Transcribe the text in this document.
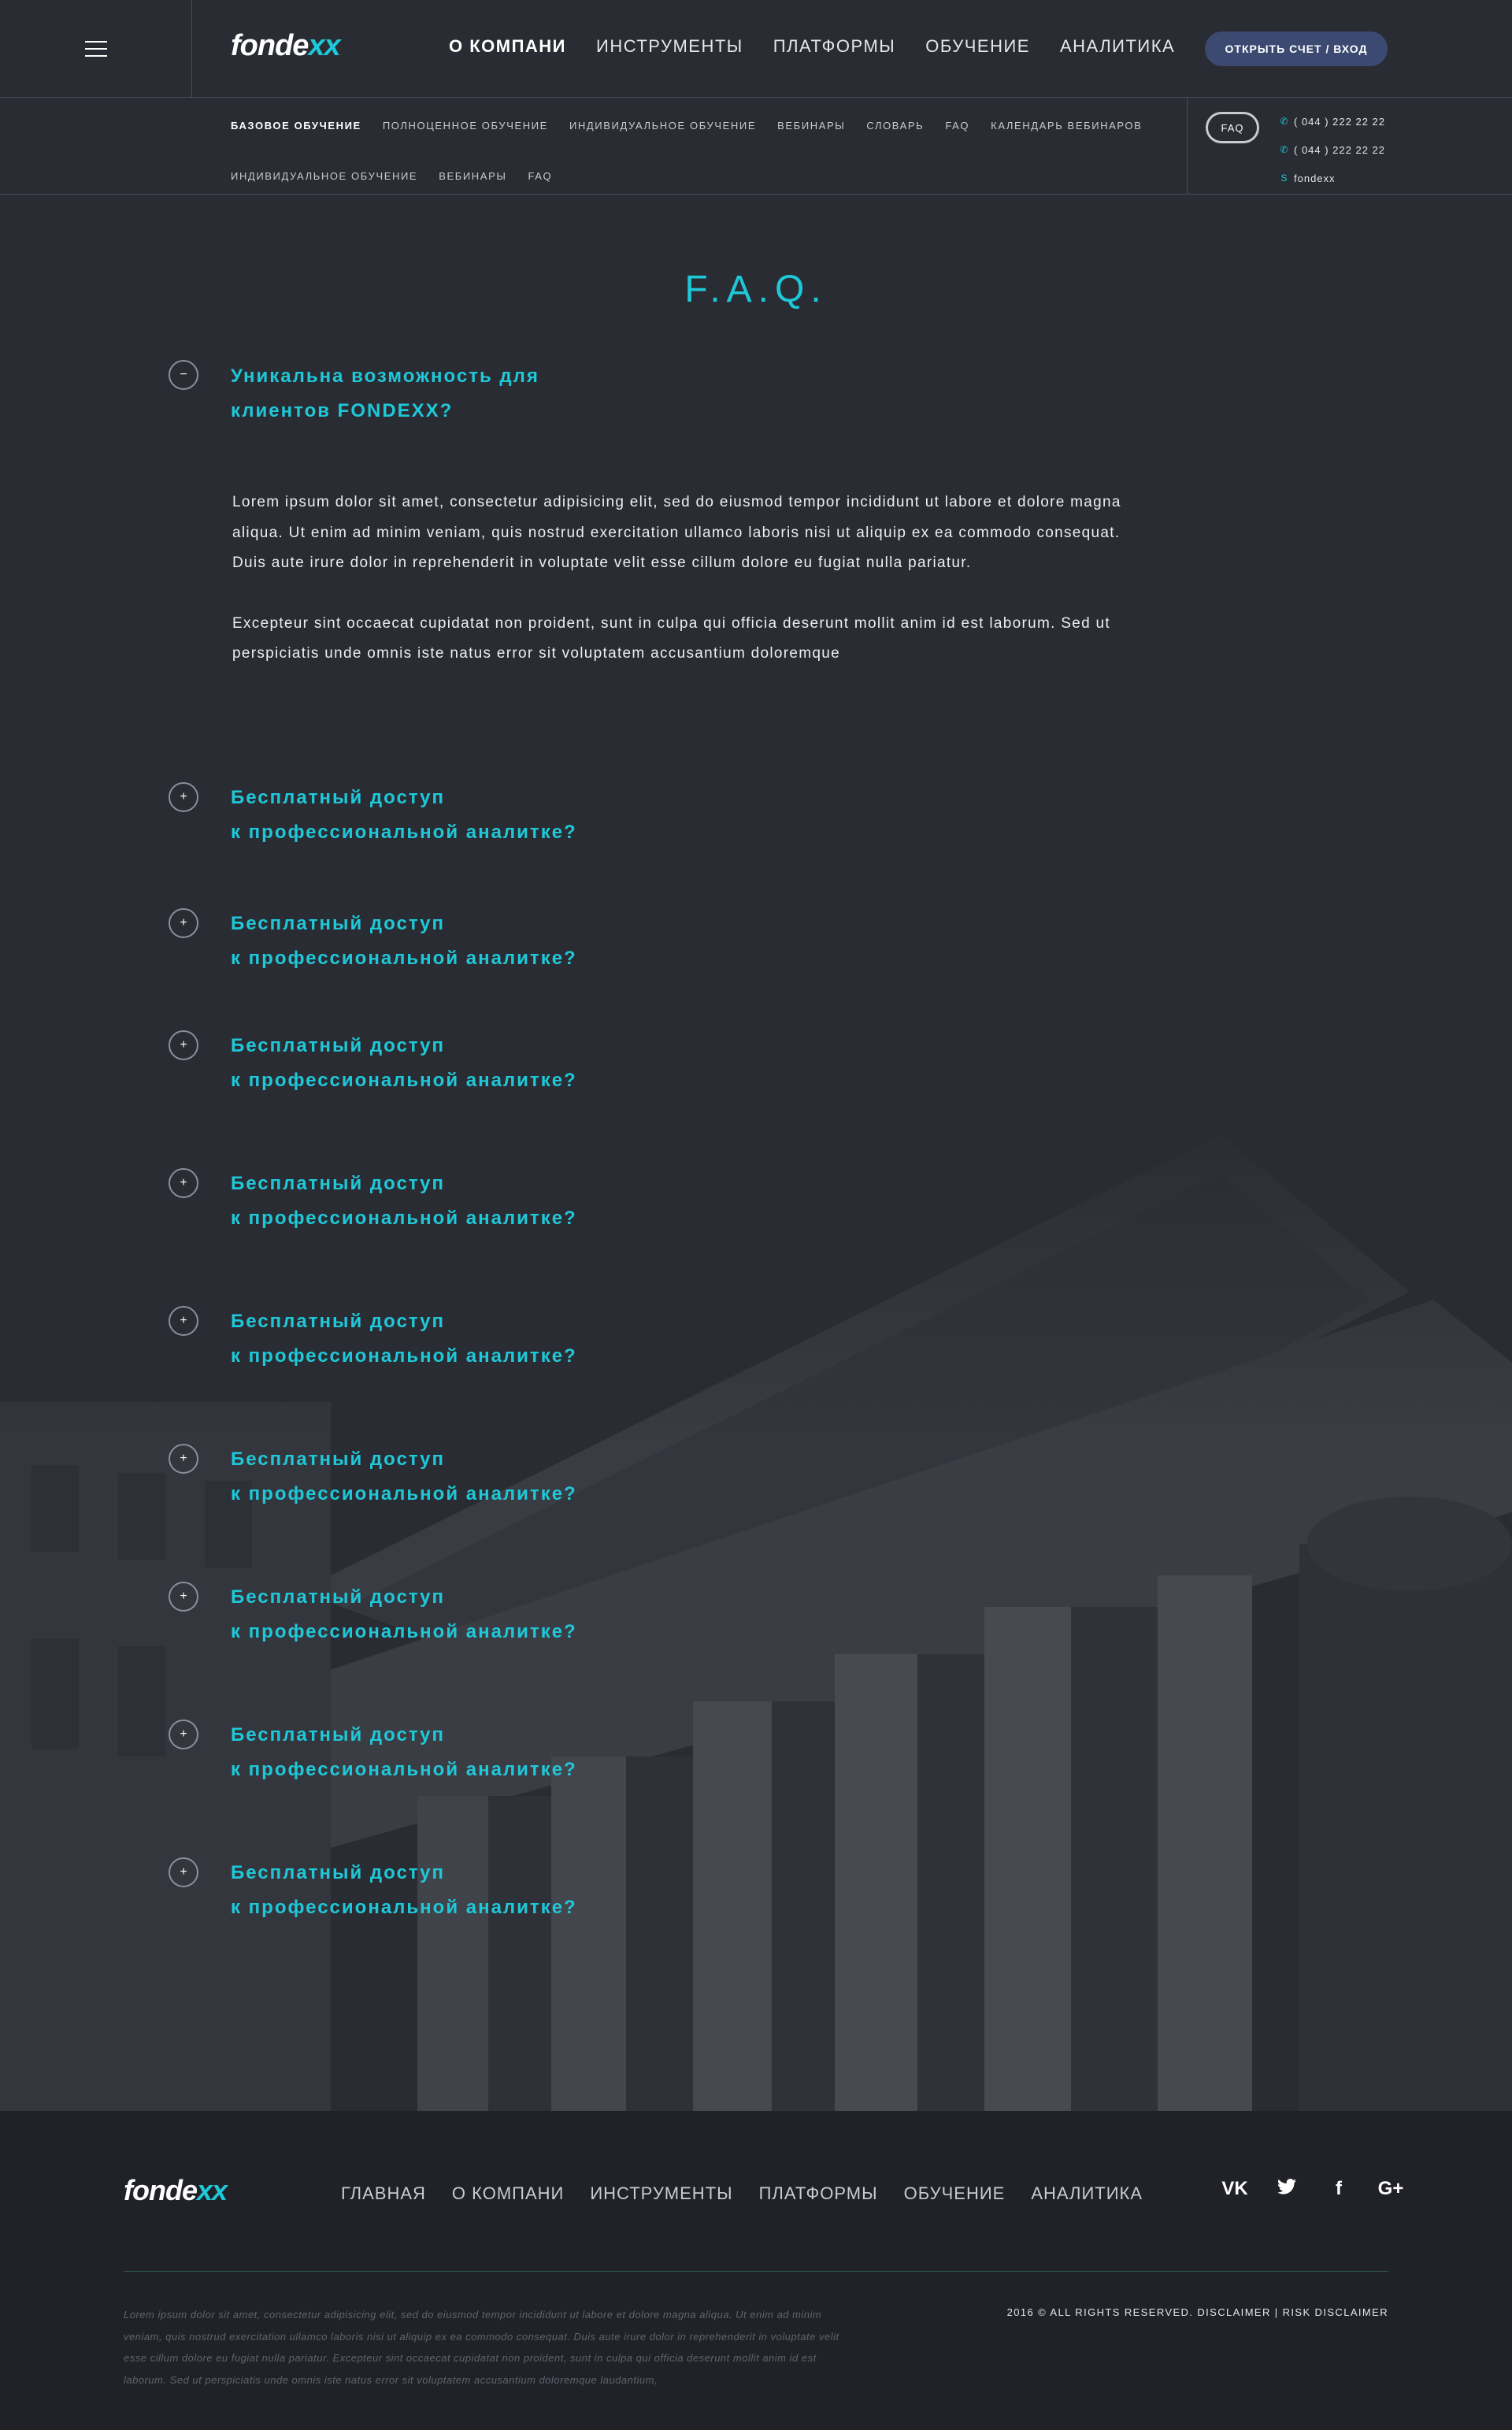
fondexx	О КОМПАНИ ИНСТРУМЕНТЫ ПЛАТФОРМЫ ОБУЧЕНИЕ АНАЛИТИКА	ОТКРЫТЬ СЧЕТ / ВХОД
БАЗОВОЕ ОБУЧЕНИЕ ПОЛНОЦЕННОЕ ОБУЧЕНИЕ ИНДИВИДУАЛЬНОЕ ОБУЧЕНИЕ ВЕБИНАРЫ СЛОВАРЬ FAQ КАЛЕНДАРЬ ВЕБИНАРОВ
ИНДИВИДУАЛЬНОЕ ОБУЧЕНИЕ ВЕБИНАРЫ FAQ
FAQ
✆ ( 044 ) 222 22 22
✆ ( 044 ) 222 22 22
S fondexx
F.A.Q.
−	Уникальна возможность для
клиентов FONDEXX?

Lorem ipsum dolor sit amet, consectetur adipisicing elit, sed do eiusmod tempor incididunt ut labore et dolore magna aliqua. Ut enim ad minim veniam, quis nostrud exercitation ullamco laboris nisi ut aliquip ex ea commodo consequat. Duis aute irure dolor in reprehenderit in voluptate velit esse cillum dolore eu fugiat nulla pariatur.

Excepteur sint occaecat cupidatat non proident, sunt in culpa qui officia deserunt mollit anim id est laborum. Sed ut perspiciatis unde omnis iste natus error sit voluptatem accusantium doloremque

+	Бесплатный доступ
к профессиональной аналитке?
+	Бесплатный доступ
к профессиональной аналитке?
+	Бесплатный доступ
к профессиональной аналитке?
+	Бесплатный доступ
к профессиональной аналитке?
+	Бесплатный доступ
к профессиональной аналитке?
+	Бесплатный доступ
к профессиональной аналитке?
+	Бесплатный доступ
к профессиональной аналитке?
+	Бесплатный доступ
к профессиональной аналитке?
+	Бесплатный доступ
к профессиональной аналитке?
fondexx	ГЛАВНАЯ О КОМПАНИ ИНСТРУМЕНТЫ ПЛАТФОРМЫ ОБУЧЕНИЕ АНАЛИТИКА	VK	f	G+

Lorem ipsum dolor sit amet, consectetur adipisicing elit, sed do eiusmod tempor incididunt ut labore et dolore magna aliqua. Ut enim ad minim veniam, quis nostrud exercitation ullamco laboris nisi ut aliquip ex ea commodo consequat. Duis aute irure dolor in reprehenderit in voluptate velit esse cillum dolore eu fugiat nulla pariatur. Excepteur sint occaecat cupidatat non proident, sunt in culpa qui officia deserunt mollit anim id est laborum. Sed ut perspiciatis unde omnis iste natus error sit voluptatem accusantium doloremque laudantium,

2016 © ALL RIGHTS RESERVED. DISCLAIMER | RISK DISCLAIMER
